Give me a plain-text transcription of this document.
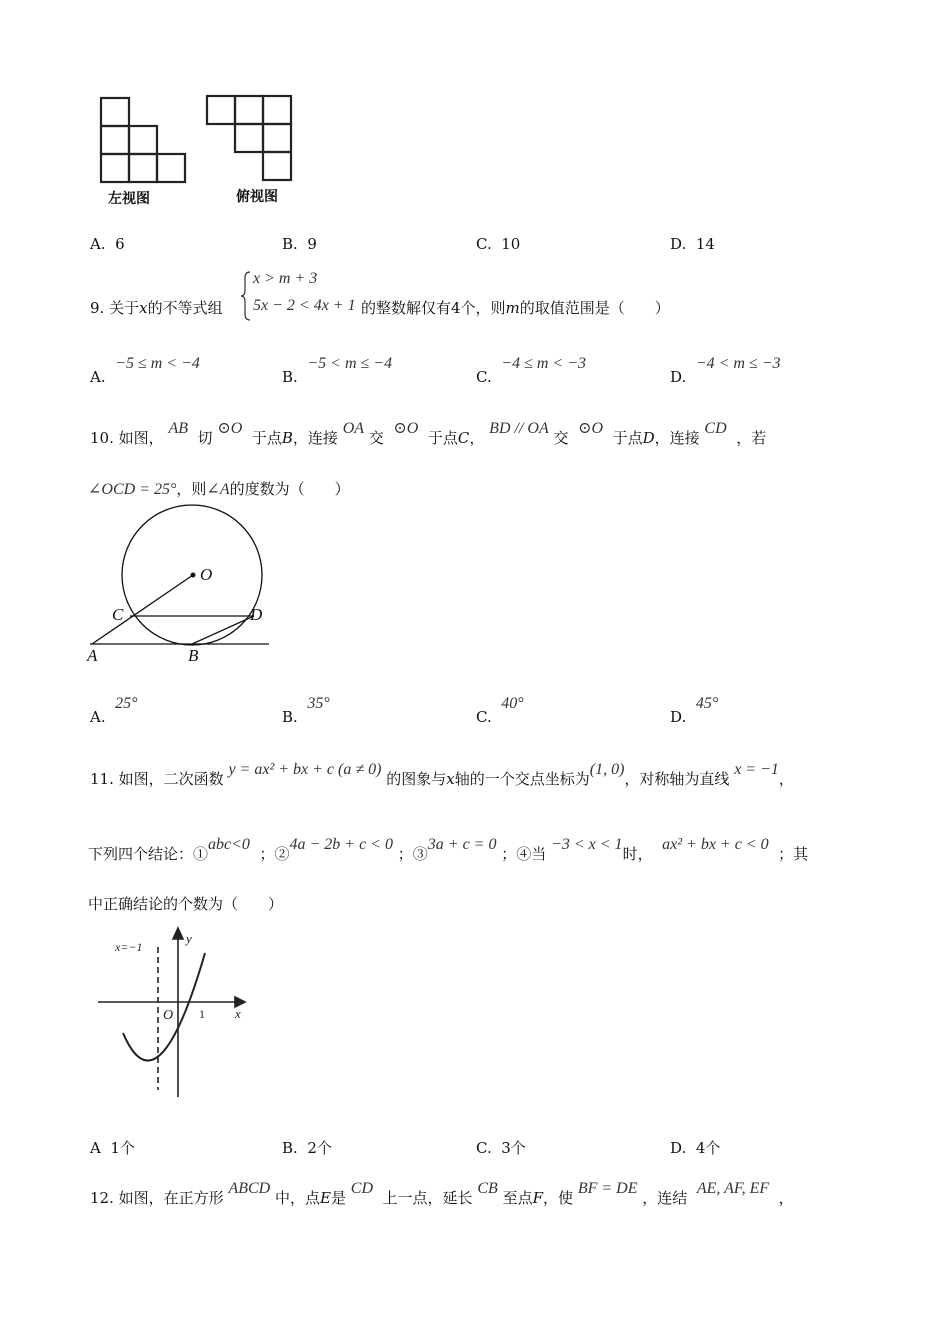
左视图	俯视图
A. 6	B. 9	C. 10	D. 14
9. 关于x的不等式组
x > m + 3
5x − 2 < 4x + 1 的整数解仅有4个，则m的取值范围是（　　）
A.  −5 ≤ m < −4
B.  −5 < m ≤ −4
C.  −4 ≤ m < −3
D.  −4 < m ≤ −3
10. 如图， AB  切 ⊙O  于点B，连接 OA 交  ⊙O  于点C， BD // OA 交  ⊙O  于点D，连接 CD  ，若
∠OCD = 25°，则∠A的度数为（　　）
O
C	D
A	B
A.  25°
B.  35°
C.  40°
D.  45°
11. 如图，二次函数 y = ax² + bx + c (a ≠ 0) 的图象与x轴的一个交点坐标为(1, 0)，对称轴为直线 x = −1，
下列四个结论：①abc<0  ；②4a − 2b + c < 0 ；③3a + c = 0 ；④当 −3 < x < 1时，  ax² + bx + c < 0  ；其
中正确结论的个数为（　　）
x=−1
y
x
O 1
A 1个	B. 2个	C. 3个	D. 4个
12. 如图，在正方形 ABCD 中，点E是 CD  上一点，延长 CB 至点F，使 BF = DE ，连结  AE, AF, EF  ，
